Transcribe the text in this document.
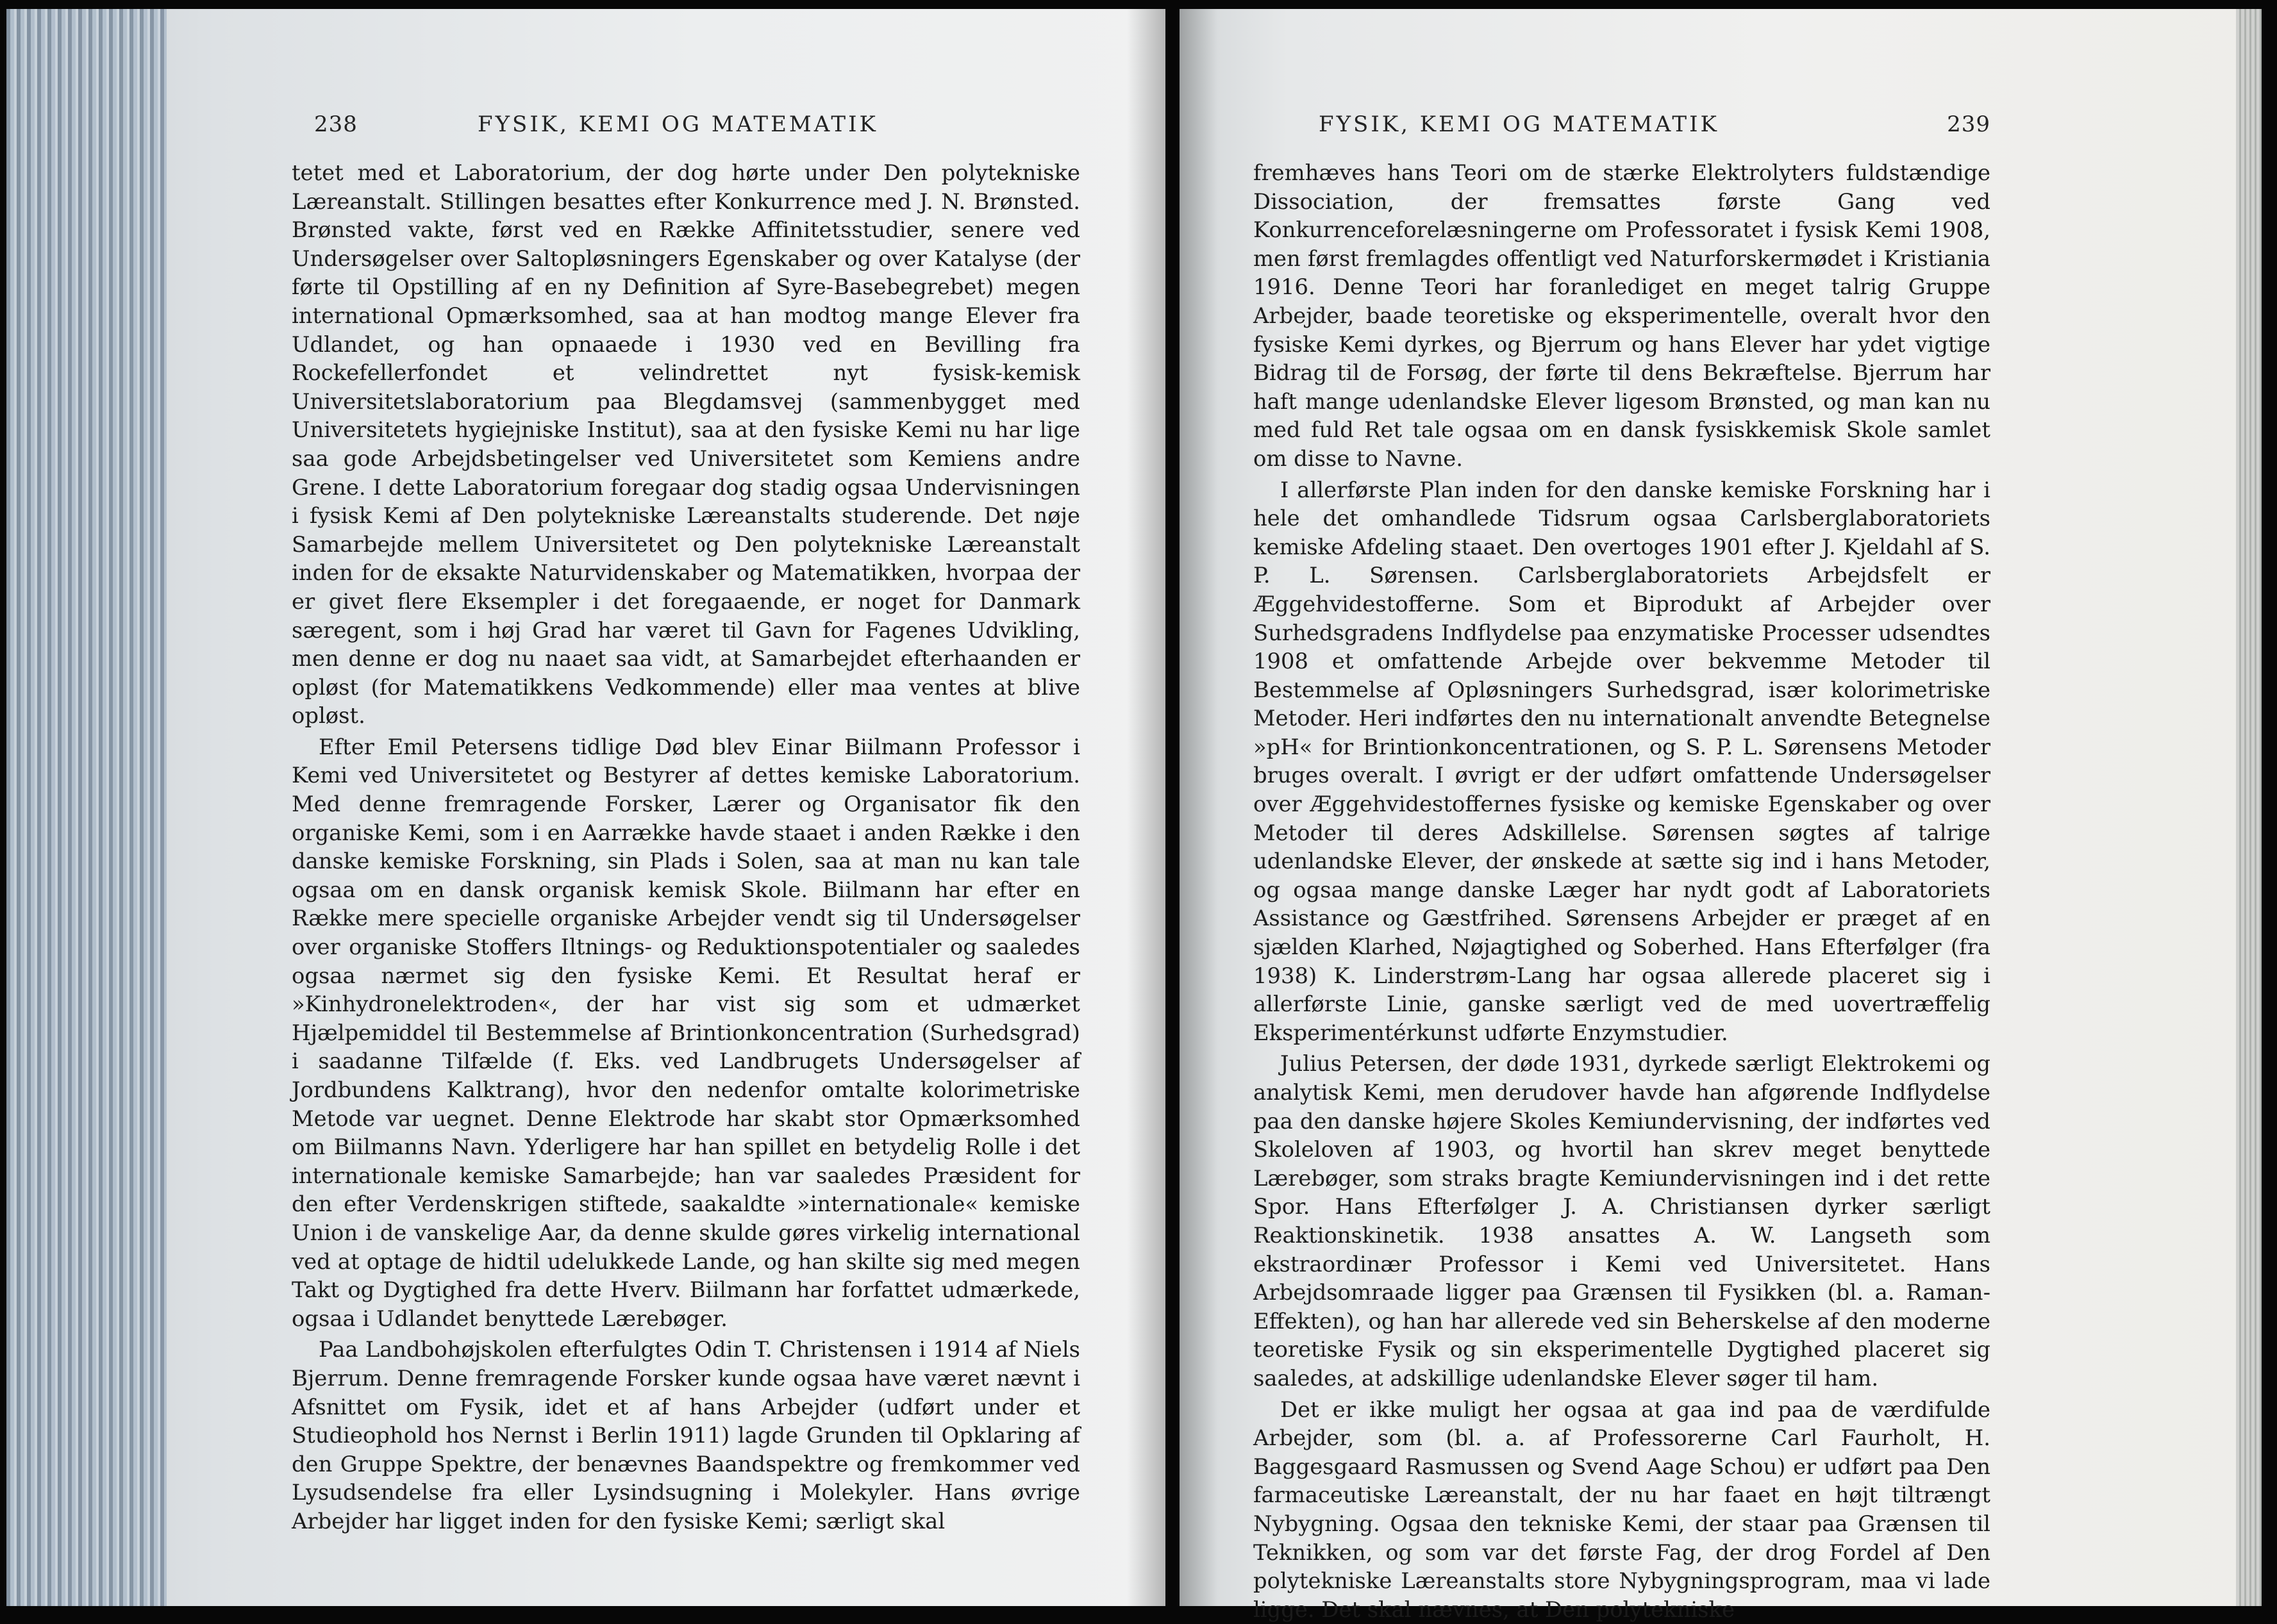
238	FYSIK, KEMI OG MATEMATIK

tetet med et Laboratorium, der dog hørte under Den polytekniske Læreanstalt. Stillingen besattes efter Konkurrence med J. N. Brønsted. Brønsted vakte, først ved en Række Affinitetsstudier, senere ved Undersøgelser over Saltopløsningers Egenskaber og over Katalyse (der førte til Opstilling af en ny Definition af Syre-Basebegrebet) megen international Opmærksomhed, saa at han modtog mange Elever fra Udlandet, og han opnaaede i 1930 ved en Bevilling fra Rockefellerfondet et velindrettet nyt fysisk-kemisk Universitetslaboratorium paa Blegdamsvej (sammenbygget med Universitetets hygiejniske Institut), saa at den fysiske Kemi nu har lige saa gode Arbejdsbetingelser ved Universitetet som Kemiens andre Grene. I dette Laboratorium foregaar dog stadig ogsaa Undervisningen i fysisk Kemi af Den polytekniske Læreanstalts studerende. Det nøje Samarbejde mellem Universitetet og Den polytekniske Læreanstalt inden for de eksakte Naturvidenskaber og Matematikken, hvorpaa der er givet flere Eksempler i det foregaaende, er noget for Danmark særegent, som i høj Grad har været til Gavn for Fagenes Udvikling, men denne er dog nu naaet saa vidt, at Samarbejdet efterhaanden er opløst (for Matematikkens Vedkommende) eller maa ventes at blive opløst.

Efter Emil Petersens tidlige Død blev Einar Biilmann Professor i Kemi ved Universitetet og Bestyrer af dettes kemiske Laboratorium. Med denne fremragende Forsker, Lærer og Organisator fik den organiske Kemi, som i en Aarrække havde staaet i anden Række i den danske kemiske Forskning, sin Plads i Solen, saa at man nu kan tale ogsaa om en dansk organisk kemisk Skole. Biilmann har efter en Række mere specielle organiske Arbejder vendt sig til Undersøgelser over organiske Stoffers Iltnings- og Reduktionspotentialer og saaledes ogsaa nærmet sig den fysiske Kemi. Et Resultat heraf er »Kinhydronelektroden«, der har vist sig som et udmærket Hjælpemiddel til Bestemmelse af Brintionkoncentration (Surhedsgrad) i saadanne Tilfælde (f. Eks. ved Landbrugets Undersøgelser af Jordbundens Kalktrang), hvor den nedenfor omtalte kolorimetriske Metode var uegnet. Denne Elektrode har skabt stor Opmærksomhed om Biilmanns Navn. Yderligere har han spillet en betydelig Rolle i det internationale kemiske Samarbejde; han var saaledes Præsident for den efter Verdenskrigen stiftede, saakaldte »internationale« kemiske Union i de vanskelige Aar, da denne skulde gøres virkelig international ved at optage de hidtil udelukkede Lande, og han skilte sig med megen Takt og Dygtighed fra dette Hverv. Biilmann har forfattet udmærkede, ogsaa i Udlandet benyttede Lærebøger.

Paa Landbohøjskolen efterfulgtes Odin T. Christensen i 1914 af Niels Bjerrum. Denne fremragende Forsker kunde ogsaa have været nævnt i Afsnittet om Fysik, idet et af hans Arbejder (udført under et Studieophold hos Nernst i Berlin 1911) lagde Grunden til Opklaring af den Gruppe Spektre, der benævnes Baandspektre og fremkommer ved Lysudsendelse fra eller Lysindsugning i Molekyler. Hans øvrige Arbejder har ligget inden for den fysiske Kemi; særligt skal

FYSIK, KEMI OG MATEMATIK	239

fremhæves hans Teori om de stærke Elektrolyters fuldstændige Dissociation, der fremsattes første Gang ved Konkurrenceforelæsningerne om Professoratet i fysisk Kemi 1908, men først fremlagdes offentligt ved Naturforskermødet i Kristiania 1916. Denne Teori har foranlediget en meget talrig Gruppe Arbejder, baade teoretiske og eksperimentelle, overalt hvor den fysiske Kemi dyrkes, og Bjerrum og hans Elever har ydet vigtige Bidrag til de Forsøg, der førte til dens Bekræftelse. Bjerrum har haft mange udenlandske Elever ligesom Brønsted, og man kan nu med fuld Ret tale ogsaa om en dansk fysiskkemisk Skole samlet om disse to Navne.

I allerførste Plan inden for den danske kemiske Forskning har i hele det omhandlede Tidsrum ogsaa Carlsberglaboratoriets kemiske Afdeling staaet. Den overtoges 1901 efter J. Kjeldahl af S. P. L. Sørensen. Carlsberglaboratoriets Arbejdsfelt er Æggehvidestofferne. Som et Biprodukt af Arbejder over Surhedsgradens Indflydelse paa enzymatiske Processer udsendtes 1908 et omfattende Arbejde over bekvemme Metoder til Bestemmelse af Opløsningers Surhedsgrad, især kolorimetriske Metoder. Heri indførtes den nu internationalt anvendte Betegnelse »pH« for Brintionkoncentrationen, og S. P. L. Sørensens Metoder bruges overalt. I øvrigt er der udført omfattende Undersøgelser over Æggehvidestoffernes fysiske og kemiske Egenskaber og over Metoder til deres Adskillelse. Sørensen søgtes af talrige udenlandske Elever, der ønskede at sætte sig ind i hans Metoder, og ogsaa mange danske Læger har nydt godt af Laboratoriets Assistance og Gæstfrihed. Sørensens Arbejder er præget af en sjælden Klarhed, Nøjagtighed og Soberhed. Hans Efterfølger (fra 1938) K. Linderstrøm-Lang har ogsaa allerede placeret sig i allerførste Linie, ganske særligt ved de med uovertræffelig Eksperimentérkunst udførte Enzymstudier.

Julius Petersen, der døde 1931, dyrkede særligt Elektrokemi og analytisk Kemi, men derudover havde han afgørende Indflydelse paa den danske højere Skoles Kemiundervisning, der indførtes ved Skoleloven af 1903, og hvortil han skrev meget benyttede Lærebøger, som straks bragte Kemiundervisningen ind i det rette Spor. Hans Efterfølger J. A. Christiansen dyrker særligt Reaktionskinetik. 1938 ansattes A. W. Langseth som ekstraordinær Professor i Kemi ved Universitetet. Hans Arbejdsomraade ligger paa Grænsen til Fysikken (bl. a. Raman-Effekten), og han har allerede ved sin Beherskelse af den moderne teoretiske Fysik og sin eksperimentelle Dygtighed placeret sig saaledes, at adskillige udenlandske Elever søger til ham.

Det er ikke muligt her ogsaa at gaa ind paa de værdifulde Arbejder, som (bl. a. af Professorerne Carl Faurholt, H. Baggesgaard Rasmussen og Svend Aage Schou) er udført paa Den farmaceutiske Læreanstalt, der nu har faaet en højt tiltrængt Nybygning. Ogsaa den tekniske Kemi, der staar paa Grænsen til Teknikken, og som var det første Fag, der drog Fordel af Den polytekniske Læreanstalts store Nybygningsprogram, maa vi lade ligge. Det skal nævnes, at Den polytekniske
